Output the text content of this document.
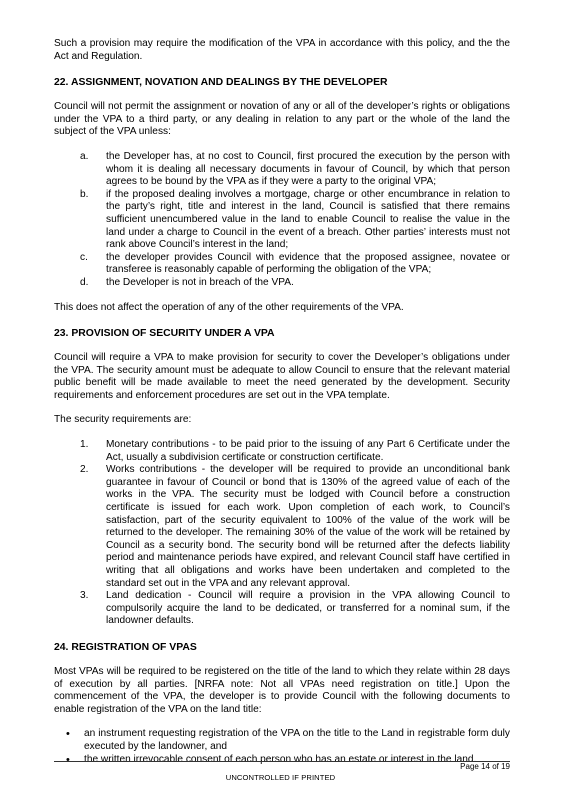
Such a provision may require the modification of the VPA in accordance with this policy, and the the Act and Regulation.

22. ASSIGNMENT, NOVATION AND DEALINGS BY THE DEVELOPER

Council will not permit the assignment or novation of any or all of the developer’s rights or obligations under the VPA to a third party, or any dealing in relation to any part or the whole of the land the subject of the VPA unless:

a.	the Developer has, at no cost to Council, first procured the execution by the person with whom it is dealing all necessary documents in favour of Council, by which that person agrees to be bound by the VPA as if they were a party to the original VPA;
b.	if the proposed dealing involves a mortgage, charge or other encumbrance in relation to the party’s right, title and interest in the land, Council is satisfied that there remains sufficient unencumbered value in the land to enable Council to realise the value in the land under a charge to Council in the event of a breach. Other parties’ interests must not rank above Council’s interest in the land;
c.	the developer provides Council with evidence that the proposed assignee, novatee or transferee is reasonably capable of performing the obligation of the VPA;
d.	the Developer is not in breach of the VPA.

This does not affect the operation of any of the other requirements of the VPA.

23. PROVISION OF SECURITY UNDER A VPA

Council will require a VPA to make provision for security to cover the Developer’s obligations under the VPA. The security amount must be adequate to allow Council to ensure that the relevant material public benefit will be made available to meet the need generated by the development. Security requirements and enforcement procedures are set out in the VPA template.

The security requirements are:

1.	Monetary contributions - to be paid prior to the issuing of any Part 6 Certificate under the Act, usually a subdivision certificate or construction certificate.
2.	Works contributions - the developer will be required to provide an unconditional bank guarantee in favour of Council or bond that is 130% of the agreed value of each of the works in the VPA. The security must be lodged with Council before a construction certificate is issued for each work. Upon completion of each work, to Council’s satisfaction, part of the security equivalent to 100% of the value of the work will be returned to the developer. The remaining 30% of the value of the work will be retained by Council as a security bond. The security bond will be returned after the defects liability period and maintenance periods have expired, and relevant Council staff have certified in writing that all obligations and works have been undertaken and completed to the standard set out in the VPA and any relevant approval.
3.	Land dedication - Council will require a provision in the VPA allowing Council to compulsorily acquire the land to be dedicated, or transferred for a nominal sum, if the landowner defaults.
24. REGISTRATION OF VPAS

Most VPAs will be required to be registered on the title of the land to which they relate within 28 days of execution by all parties. [NRFA note: Not all VPAs need registration on title.] Upon the commencement of the VPA, the developer is to provide Council with the following documents to enable registration of the VPA on the land title:

•	an instrument requesting registration of the VPA on the title to the Land in registrable form duly executed by the landowner, and
•	the written irrevocable consent of each person who has an estate or interest in the land.
Page 14 of 19
UNCONTROLLED IF PRINTED
